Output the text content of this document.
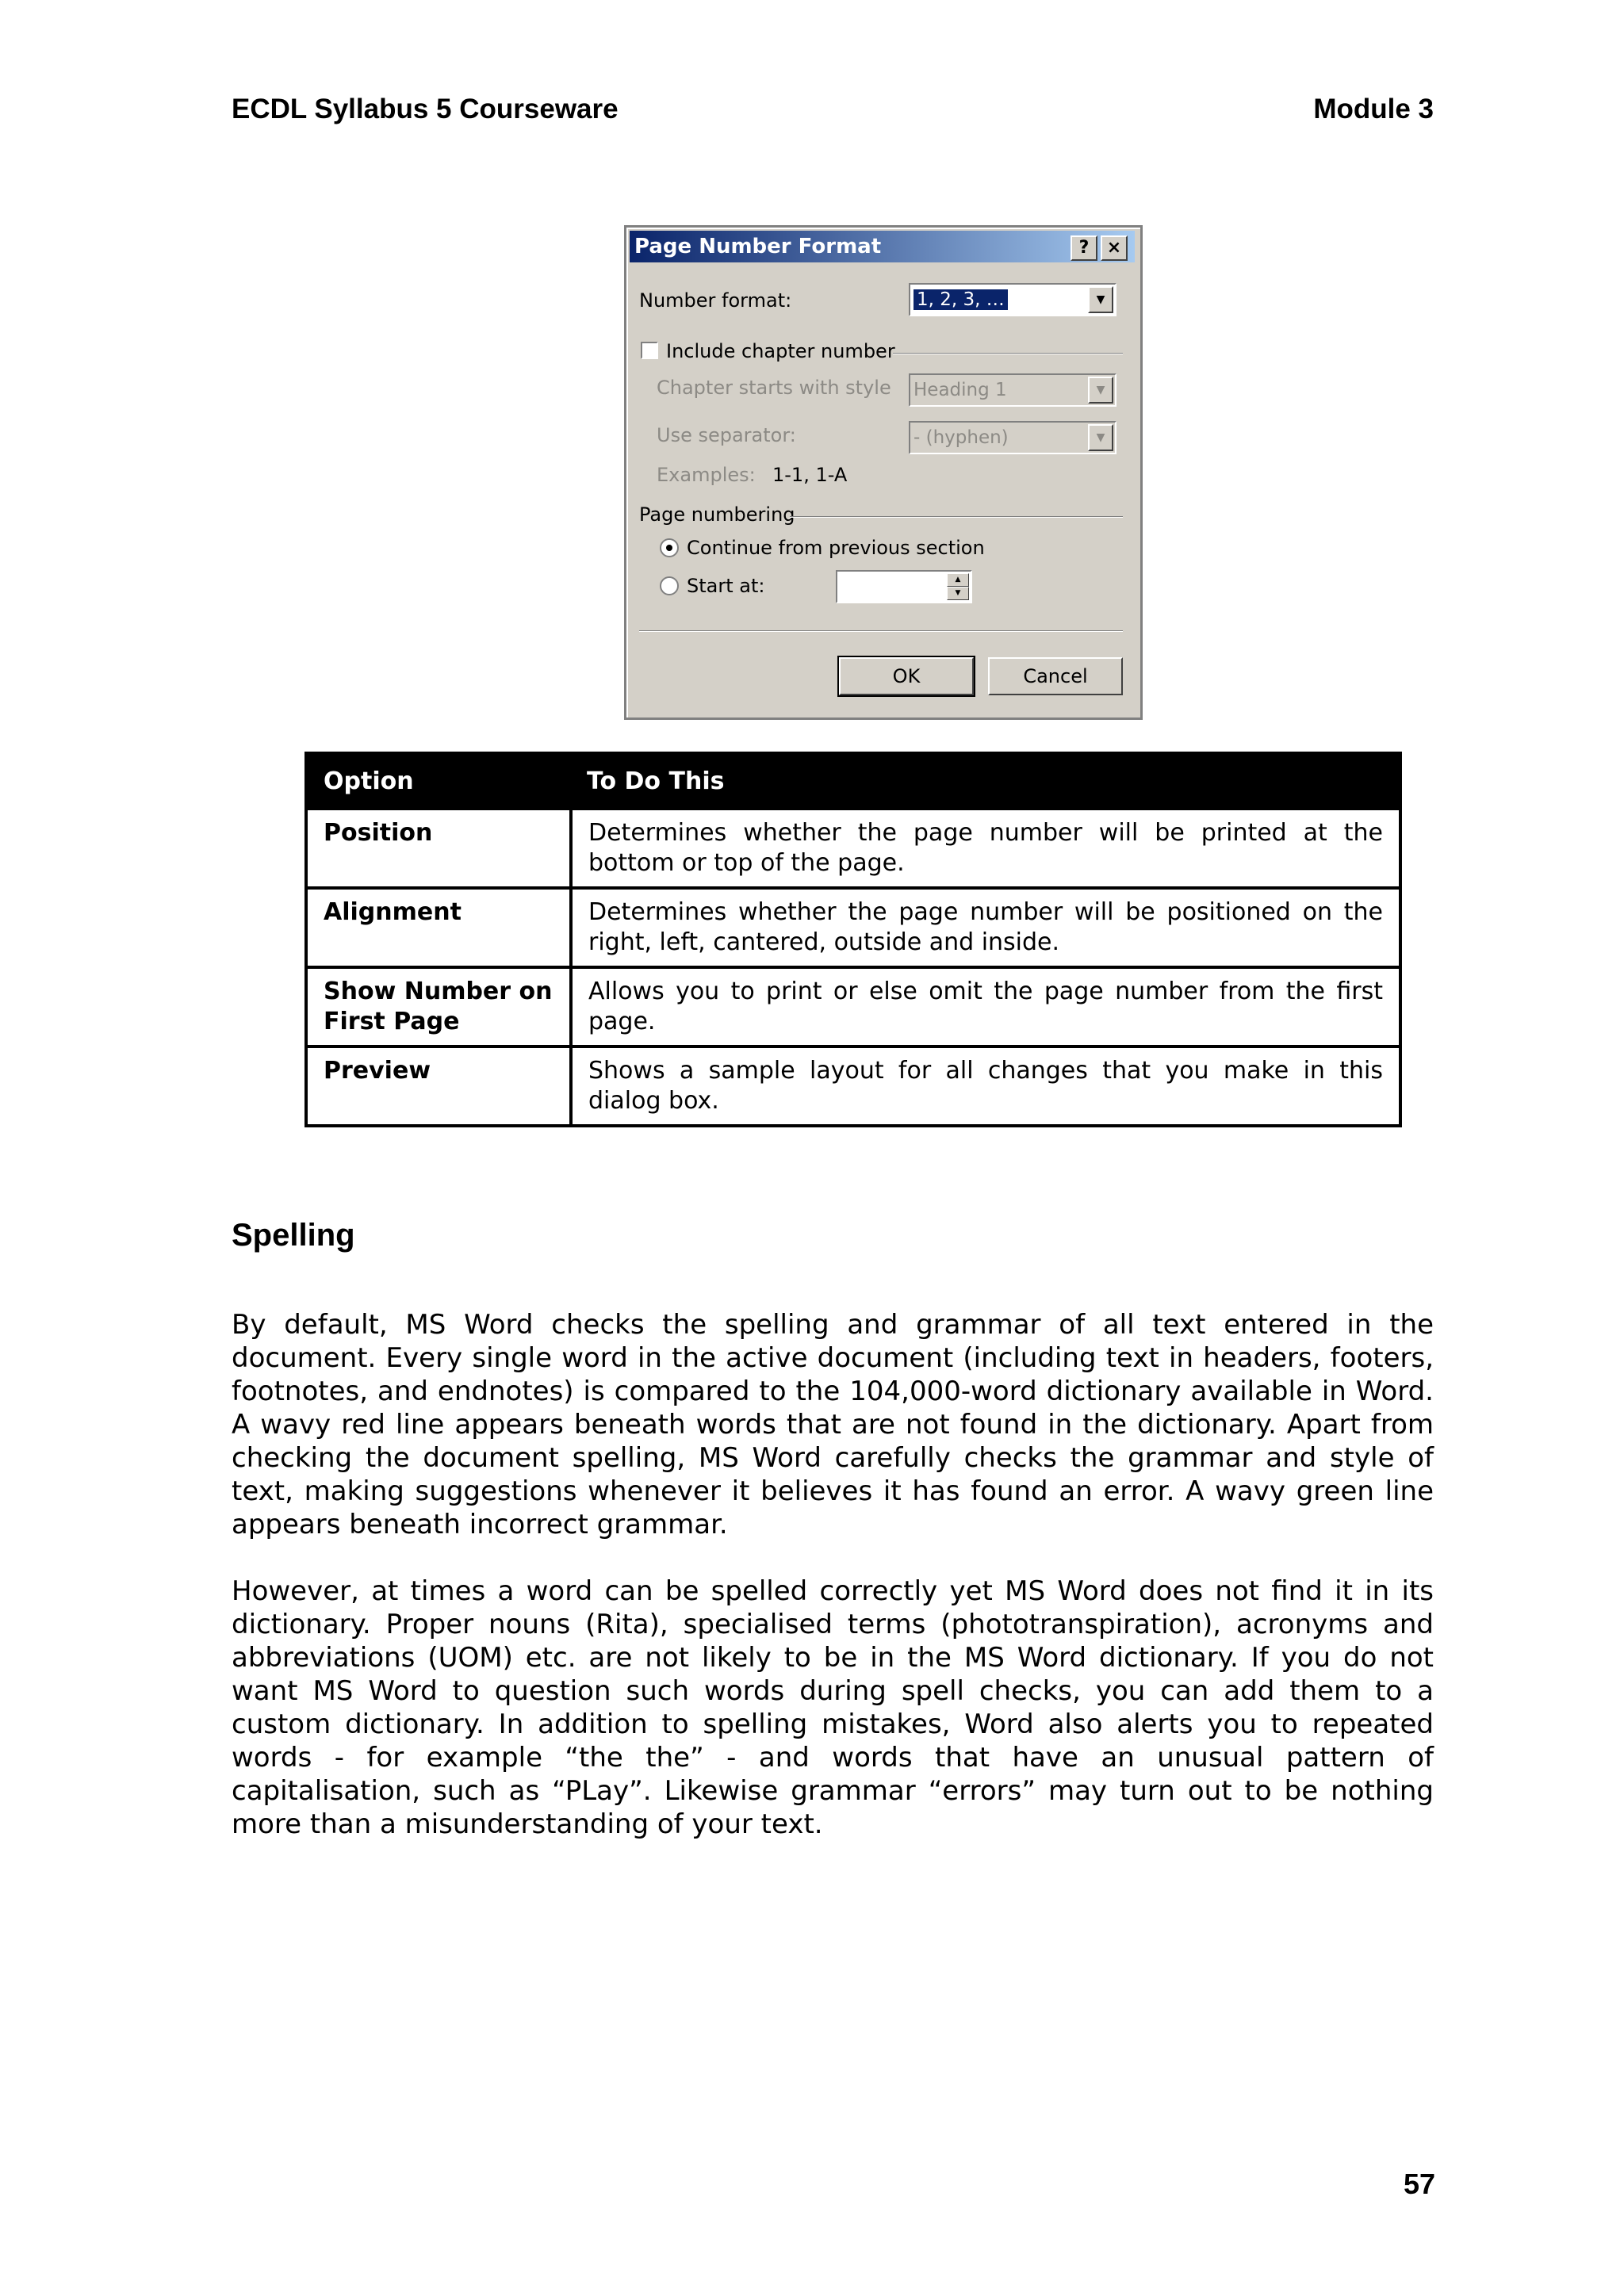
ECDL Syllabus 5 Courseware	Module 3
Page Number Format	?	×
Number format:	1, 2, 3, …	▼
Include chapter number
Chapter starts with style Heading 1	▼
Use separator:	- (hyphen)	▼
Examples: 1-1, 1-A
Page numbering
Continue from previous section
Start at:	▲
▼
OK	Cancel
Option	To Do This
Position	Determines whether the page number will be printed at the bottom or top of the page.
Alignment	Determines whether the page number will be positioned on the right, left, cantered, outside and inside.
Show Number on First Page	Allows you to print or else omit the page number from the first page.
Preview	Shows a sample layout for all changes that you make in this dialog box.
Spelling

By default, MS Word checks the spelling and grammar of all text entered in the document. Every single word in the active document (including text in headers, footers, footnotes, and endnotes) is compared to the 104,000-word dictionary available in Word. A wavy red line appears beneath words that are not found in the dictionary. Apart from checking the document spelling, MS Word carefully checks the grammar and style of text, making suggestions whenever it believes it has found an error. A wavy green line appears beneath incorrect grammar.

However, at times a word can be spelled correctly yet MS Word does not find it in its dictionary. Proper nouns (Rita), specialised terms (phototranspiration), acronyms and abbreviations (UOM) etc. are not likely to be in the MS Word dictionary. If you do not want MS Word to question such words during spell checks, you can add them to a custom dictionary. In addition to spelling mistakes, Word also alerts you to repeated words - for example “the the” - and words that have an unusual pattern of capitalisation, such as “PLay”. Likewise grammar “errors” may turn out to be nothing more than a misunderstanding of your text.

57
